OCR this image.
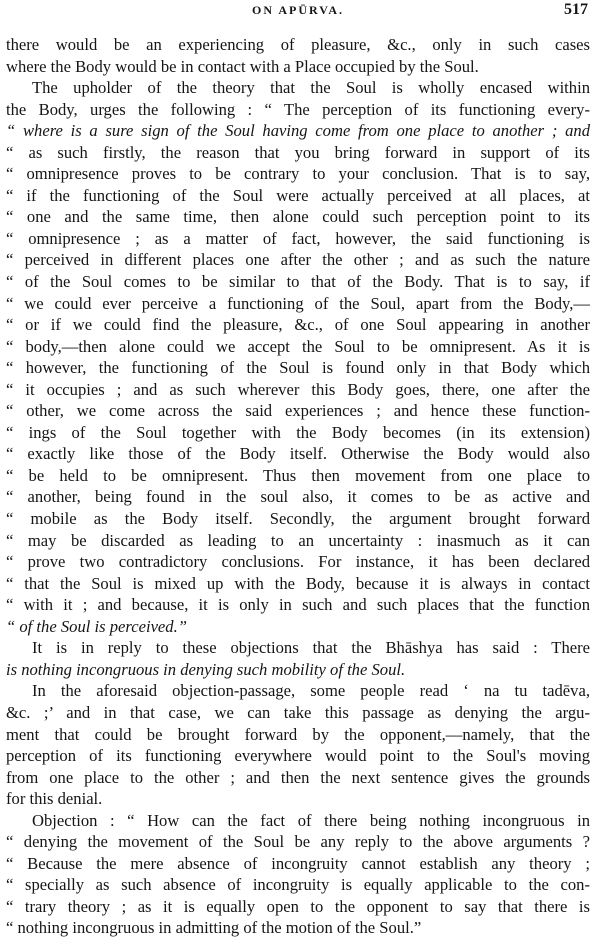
ON APŪRVA.	517

there would be an experiencing of pleasure, &c., only in such cases
where the Body would be in contact with a Place occupied by the Soul.

The upholder of the theory that the Soul is wholly encased within
the Body, urges the following : “ The perception of its functioning every-
“ where is a sure sign of the Soul having come from one place to another ; and
“ as such firstly, the reason that you bring forward in support of its
“ omnipresence proves to be contrary to your conclusion. That is to say,
“ if the functioning of the Soul were actually perceived at all places, at
“ one and the same time, then alone could such perception point to its
“ omnipresence ; as a matter of fact, however, the said functioning is
“ perceived in different places one after the other ; and as such the nature
“ of the Soul comes to be similar to that of the Body. That is to say, if
“ we could ever perceive a functioning of the Soul, apart from the Body,—
“ or if we could find the pleasure, &c., of one Soul appearing in another
“ body,—then alone could we accept the Soul to be omnipresent. As it is
“ however, the functioning of the Soul is found only in that Body which
“ it occupies ; and as such wherever this Body goes, there, one after the
“ other, we come across the said experiences ; and hence these function-
“ ings of the Soul together with the Body becomes (in its extension)
“ exactly like those of the Body itself. Otherwise the Body would also
“ be held to be omnipresent. Thus then movement from one place to
“ another, being found in the soul also, it comes to be as active and
“ mobile as the Body itself. Secondly, the argument brought forward
“ may be discarded as leading to an uncertainty : inasmuch as it can
“ prove two contradictory conclusions. For instance, it has been declared
“ that the Soul is mixed up with the Body, because it is always in contact
“ with it ; and because, it is only in such and such places that the function
“ of the Soul is perceived.”

It is in reply to these objections that the Bhāshya has said : There
is nothing incongruous in denying such mobility of the Soul.

In the aforesaid objection-passage, some people read ‘ na tu tadēva,
&c. ;’ and in that case, we can take this passage as denying the argu-
ment that could be brought forward by the opponent,—namely, that the
perception of its functioning everywhere would point to the Soul's moving
from one place to the other ; and then the next sentence gives the grounds
for this denial.

Objection : “ How can the fact of there being nothing incongruous in
“ denying the movement of the Soul be any reply to the above arguments ?
“ Because the mere absence of incongruity cannot establish any theory ;
“ specially as such absence of incongruity is equally applicable to the con-
“ trary theory ; as it is equally open to the opponent to say that there is
“ nothing incongruous in admitting of the motion of the Soul.”
